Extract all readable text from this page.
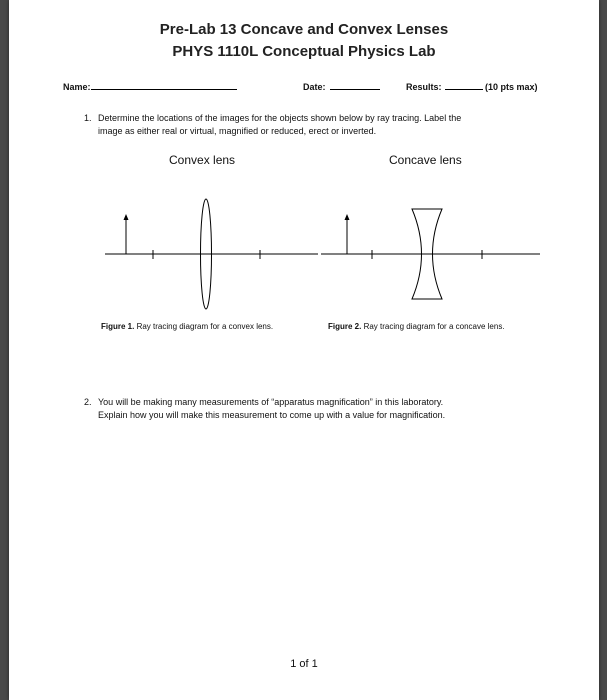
Pre-Lab 13 Concave and Convex Lenses
PHYS 1110L Conceptual Physics Lab
Name:	Date:	Results:	(10 pts max)
1. Determine the locations of the images for the objects shown below by ray tracing. Label the
image as either real or virtual, magnified or reduced, erect or inverted.
Convex lens	Concave lens
Figure 1. Ray tracing diagram for a convex lens.	Figure 2. Ray tracing diagram for a concave lens.
2. You will be making many measurements of “apparatus magnification” in this laboratory.
Explain how you will make this measurement to come up with a value for magnification.
1 of 1
